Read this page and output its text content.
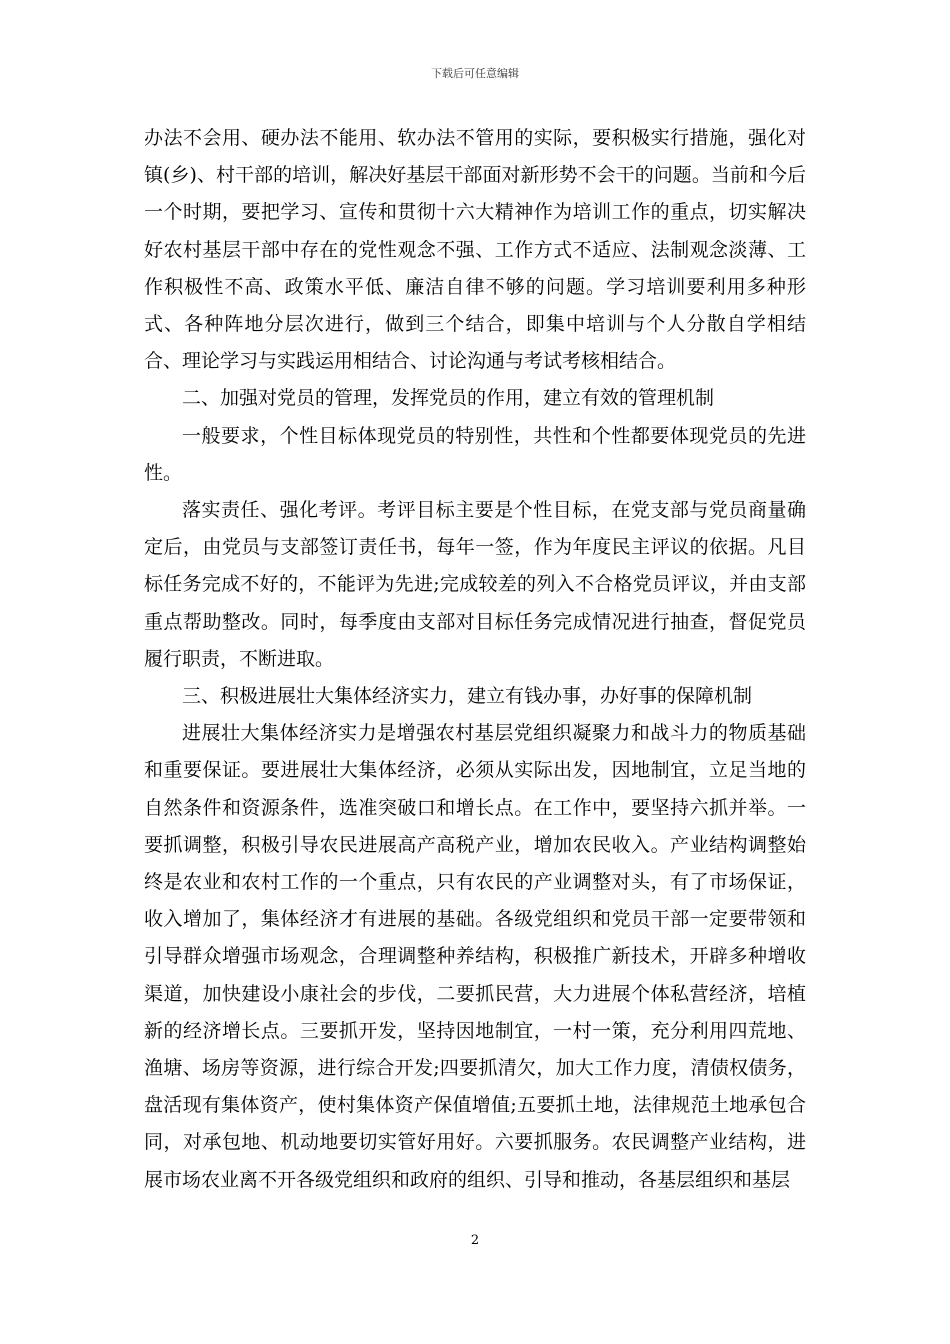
下载后可任意编辑

办法不会用、硬办法不能用、软办法不管用的实际，要积极实行措施，强化对镇(乡)、村干部的培训，解决好基层干部面对新形势不会干的问题。当前和今后一个时期，要把学习、宣传和贯彻十六大精神作为培训工作的重点，切实解决好农村基层干部中存在的党性观念不强、工作方式不适应、法制观念淡薄、工作积极性不高、政策水平低、廉洁自律不够的问题。学习培训要利用多种形式、各种阵地分层次进行，做到三个结合，即集中培训与个人分散自学相结合、理论学习与实践运用相结合、讨论沟通与考试考核相结合。

二、加强对党员的管理，发挥党员的作用，建立有效的管理机制

一般要求，个性目标体现党员的特别性，共性和个性都要体现党员的先进性。

落实责任、强化考评。考评目标主要是个性目标，在党支部与党员商量确定后，由党员与支部签订责任书，每年一签，作为年度民主评议的依据。凡目标任务完成不好的，不能评为先进;完成较差的列入不合格党员评议，并由支部重点帮助整改。同时，每季度由支部对目标任务完成情况进行抽查，督促党员履行职责，不断进取。

三、积极进展壮大集体经济实力，建立有钱办事，办好事的保障机制

进展壮大集体经济实力是增强农村基层党组织凝聚力和战斗力的物质基础和重要保证。要进展壮大集体经济，必须从实际出发，因地制宜，立足当地的自然条件和资源条件，选准突破口和增长点。在工作中，要坚持六抓并举。一要抓调整，积极引导农民进展高产高税产业，增加农民收入。产业结构调整始终是农业和农村工作的一个重点，只有农民的产业调整对头，有了市场保证，收入增加了，集体经济才有进展的基础。各级党组织和党员干部一定要带领和引导群众增强市场观念，合理调整种养结构，积极推广新技术，开辟多种增收渠道，加快建设小康社会的步伐，二要抓民营，大力进展个体私营经济，培植新的经济增长点。三要抓开发，坚持因地制宜，一村一策，充分利用四荒地、渔塘、场房等资源，进行综合开发;四要抓清欠，加大工作力度，清债权债务，盘活现有集体资产，使村集体资产保值增值;五要抓土地，法律规范土地承包合同，对承包地、机动地要切实管好用好。六要抓服务。农民调整产业结构，进展市场农业离不开各级党组织和政府的组织、引导和推动，各基层组织和基层

2
